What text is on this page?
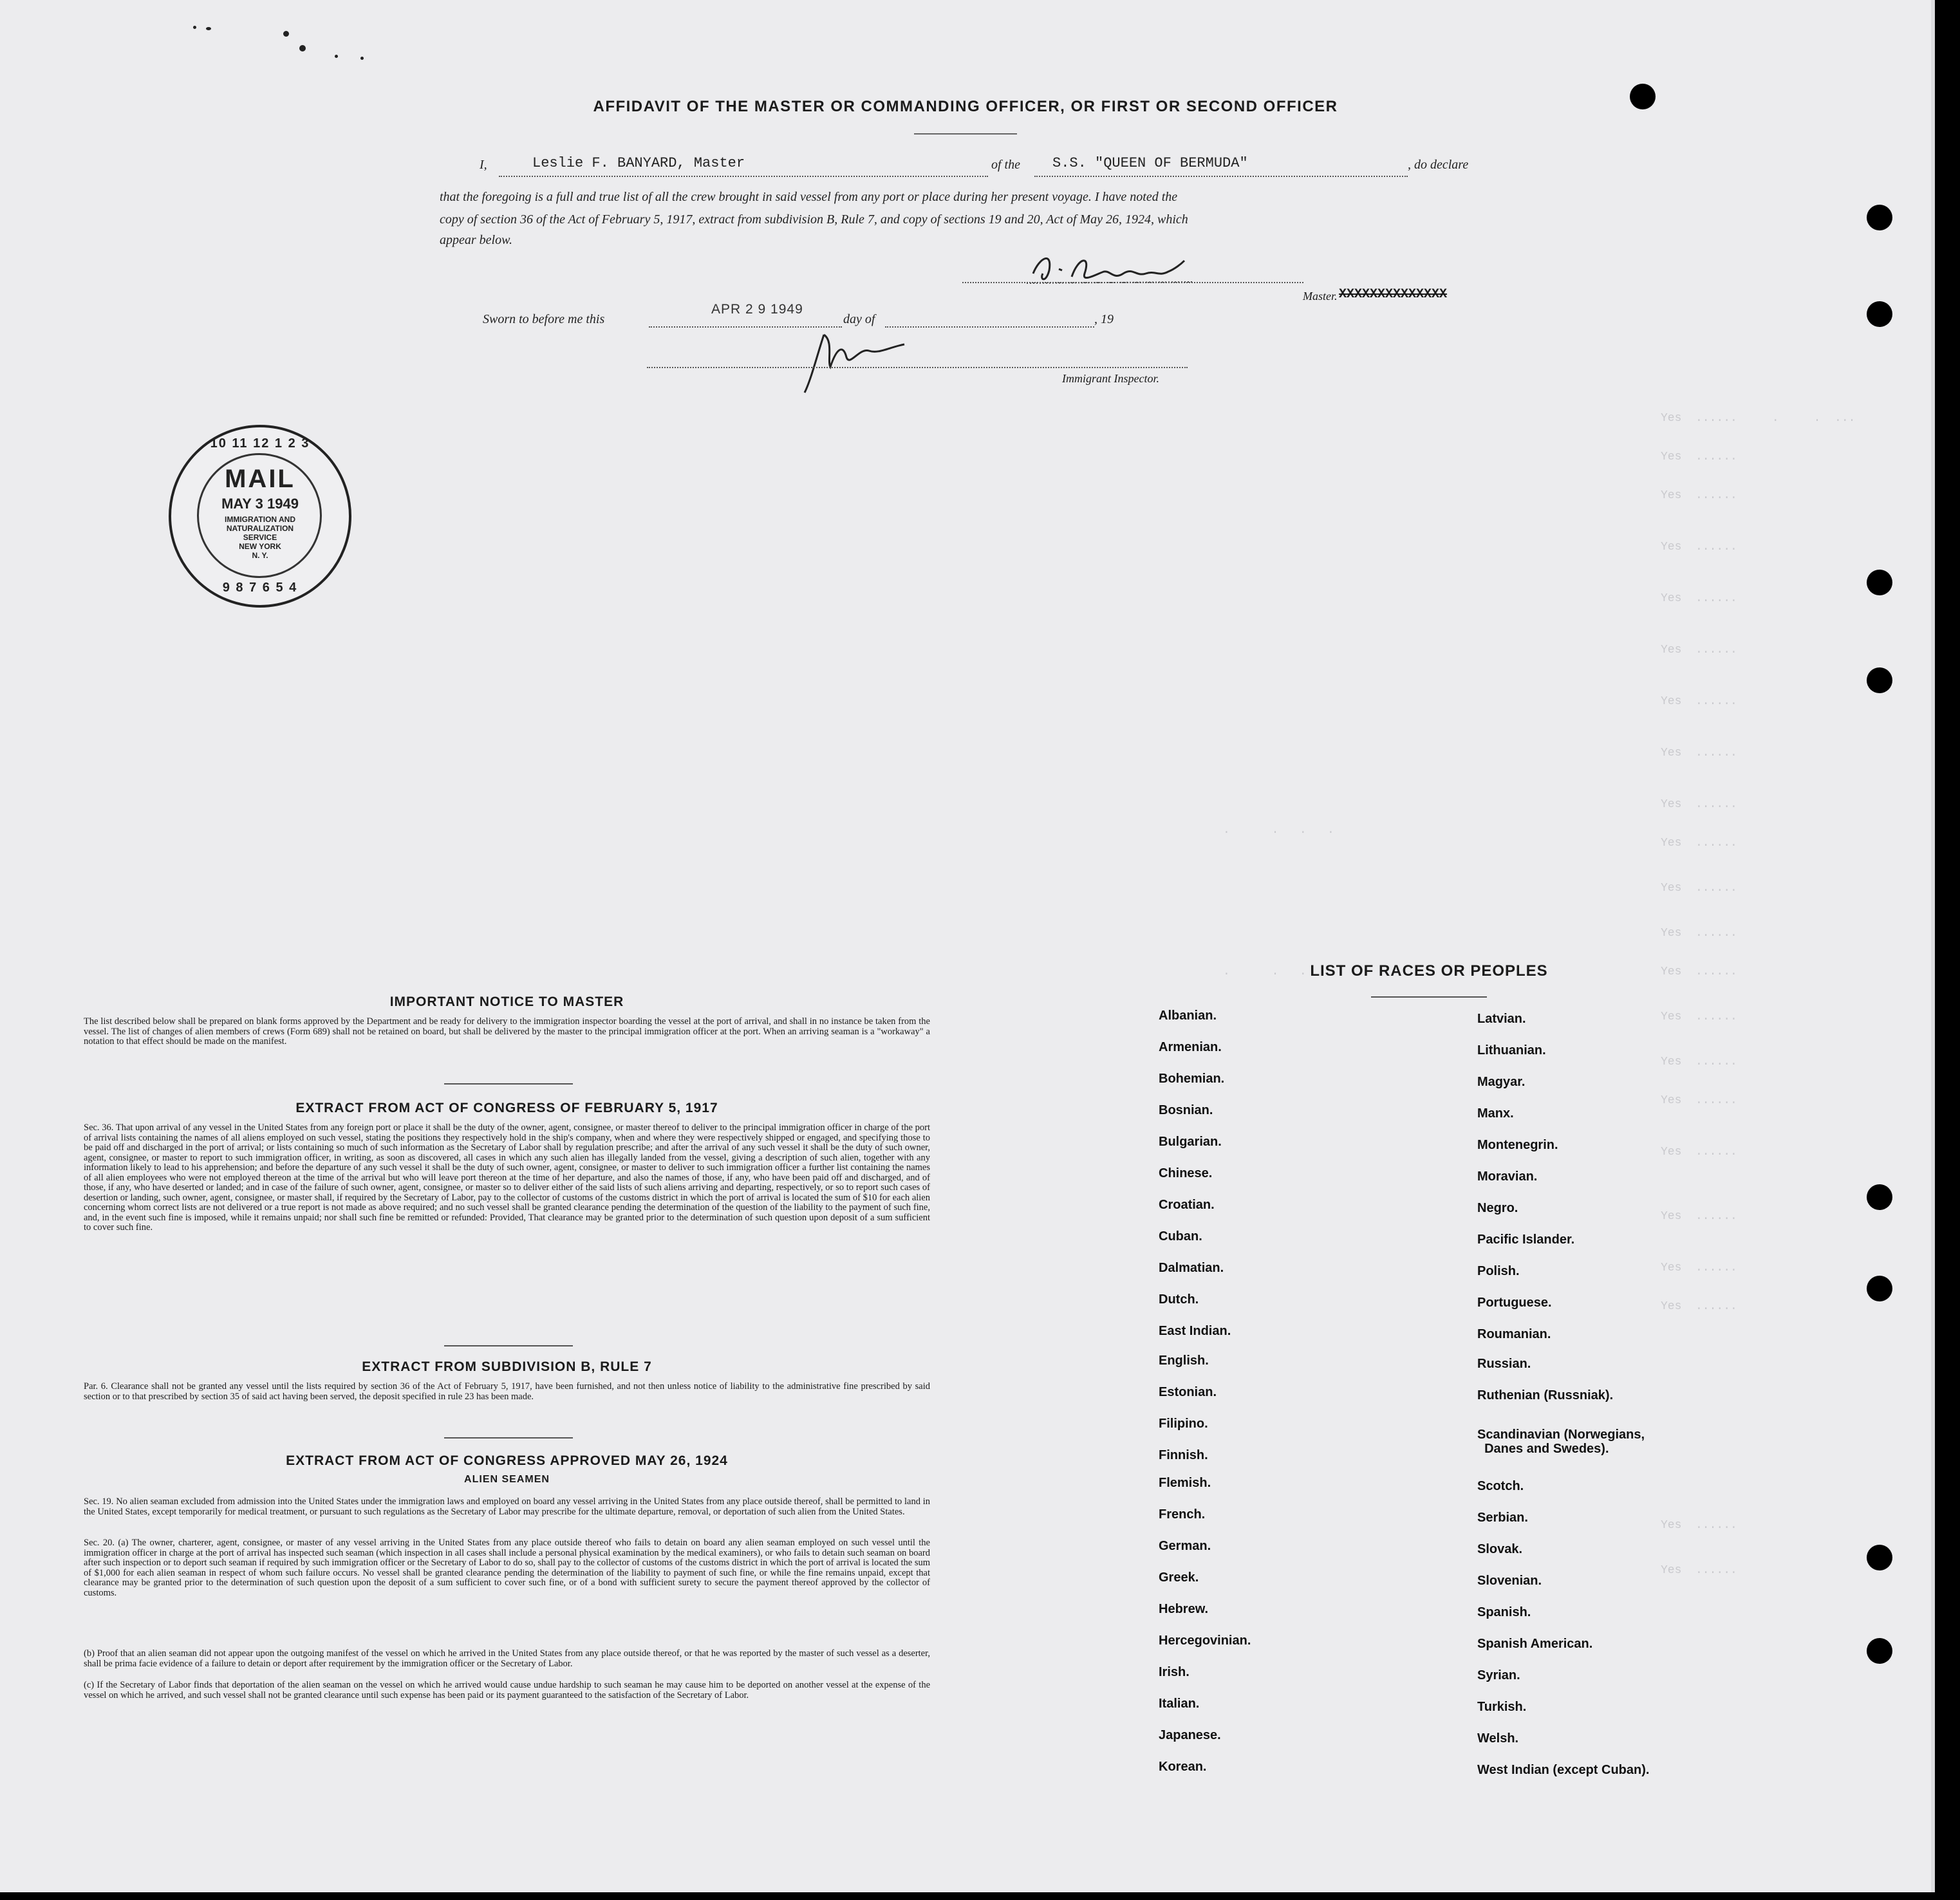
Yes  ......     .     .  ...
Yes  ......
Yes  ......
Yes  ......
Yes  ......
Yes  ......
Yes  ......
Yes  ......
Yes  ......
Yes  ......
Yes  ......
Yes  ......
Yes  ......
Yes  ......
Yes  ......
Yes  ......
Yes  ......
Yes  ......
Yes  ......
Yes  ......
Yes  ......
Yes  ......
.      .   .   .
.      .   .
AFFIDAVIT OF THE MASTER OR COMMANDING OFFICER, OR FIRST OR SECOND OFFICER
I,	Leslie F. BANYARD, Master	of the S.S. "QUEEN OF BERMUDA"	, do declare
that the foregoing is a full and true list of all the crew brought in said vessel from any port or place during her present voyage. I have noted the
copy of section 36 of the Act of February 5, 1917, extract from subdivision B, Rule 7, and copy of sections 19 and 20, Act of May 26, 1924, which
appear below.
Master. XXXXXXXXXXXXXX
Sworn to before me this
APR 2 9 1949
day of	, 19
Immigrant Inspector.
10 11 12 1 2 3
9 8 7 6 5 4
MAIL
MAY 3 1949
IMMIGRATION AND
NATURALIZATION
SERVICE
NEW YORK
N. Y.
IMPORTANT NOTICE TO MASTER
The list described below shall be prepared on blank forms approved by the Department and be ready for delivery to the immigration inspector boarding the vessel at the port of arrival, and shall in no instance be taken from the vessel. The list of changes of alien members of crews (Form 689) shall not be retained on board, but shall be delivered by the master to the principal immigration officer at the port. When an arriving seaman is a "workaway" a notation to that effect should be made on the manifest.
EXTRACT FROM ACT OF CONGRESS OF FEBRUARY 5, 1917
Sec. 36. That upon arrival of any vessel in the United States from any foreign port or place it shall be the duty of the owner, agent, consignee, or master thereof to deliver to the principal immigration officer in charge of the port of arrival lists containing the names of all aliens employed on such vessel, stating the positions they respectively hold in the ship's company, when and where they were respectively shipped or engaged, and specifying those to be paid off and discharged in the port of arrival; or lists containing so much of such information as the Secretary of Labor shall by regulation prescribe; and after the arrival of any such vessel it shall be the duty of such owner, agent, consignee, or master to report to such immigration officer, in writing, as soon as discovered, all cases in which any such alien has illegally landed from the vessel, giving a description of such alien, together with any information likely to lead to his apprehension; and before the departure of any such vessel it shall be the duty of such owner, agent, consignee, or master to deliver to such immigration officer a further list containing the names of all alien employees who were not employed thereon at the time of the arrival but who will leave port thereon at the time of her departure, and also the names of those, if any, who have been paid off and discharged, and of those, if any, who have deserted or landed; and in case of the failure of such owner, agent, consignee, or master so to deliver either of the said lists of such aliens arriving and departing, respectively, or so to report such cases of desertion or landing, such owner, agent, consignee, or master shall, if required by the Secretary of Labor, pay to the collector of customs of the customs district in which the port of arrival is located the sum of $10 for each alien concerning whom correct lists are not delivered or a true report is not made as above required; and no such vessel shall be granted clearance pending the determination of the question of the liability to the payment of such fine, and, in the event such fine is imposed, while it remains unpaid; nor shall such fine be remitted or refunded: Provided, That clearance may be granted prior to the determination of such question upon deposit of a sum sufficient to cover such fine.
EXTRACT FROM SUBDIVISION B, RULE 7
Par. 6. Clearance shall not be granted any vessel until the lists required by section 36 of the Act of February 5, 1917, have been furnished, and not then unless notice of liability to the administrative fine prescribed by said section or to that prescribed by section 35 of said act having been served, the deposit specified in rule 23 has been made.
EXTRACT FROM ACT OF CONGRESS APPROVED MAY 26, 1924
ALIEN SEAMEN
Sec. 19. No alien seaman excluded from admission into the United States under the immigration laws and employed on board any vessel arriving in the United States from any place outside thereof, shall be permitted to land in the United States, except temporarily for medical treatment, or pursuant to such regulations as the Secretary of Labor may prescribe for the ultimate departure, removal, or deportation of such alien from the United States.
Sec. 20. (a) The owner, charterer, agent, consignee, or master of any vessel arriving in the United States from any place outside thereof who fails to detain on board any alien seaman employed on such vessel until the immigration officer in charge at the port of arrival has inspected such seaman (which inspection in all cases shall include a personal physical examination by the medical examiners), or who fails to detain such seaman on board after such inspection or to deport such seaman if required by such immigration officer or the Secretary of Labor to do so, shall pay to the collector of customs of the customs district in which the port of arrival is located the sum of $1,000 for each alien seaman in respect of whom such failure occurs. No vessel shall be granted clearance pending the determination of the liability to payment of such fine, or while the fine remains unpaid, except that clearance may be granted prior to the determination of such question upon the deposit of a sum sufficient to cover such fine, or of a bond with sufficient surety to secure the payment thereof approved by the collector of customs.
(b) Proof that an alien seaman did not appear upon the outgoing manifest of the vessel on which he arrived in the United States from any place outside thereof, or that he was reported by the master of such vessel as a deserter, shall be prima facie evidence of a failure to detain or deport after requirement by the immigration officer or the Secretary of Labor.
(c) If the Secretary of Labor finds that deportation of the alien seaman on the vessel on which he arrived would cause undue hardship to such seaman he may cause him to be deported on another vessel at the expense of the vessel on which he arrived, and such vessel shall not be granted clearance until such expense has been paid or its payment guaranteed to the satisfaction of the Secretary of Labor.
LIST OF RACES OR PEOPLES
Albanian.
Armenian.
Bohemian.
Bosnian.
Bulgarian.
Chinese.
Croatian.
Cuban.
Dalmatian.
Dutch.
East Indian.
English.
Estonian.
Filipino.
Finnish.
Flemish.
French.
German.
Greek.
Hebrew.
Hercegovinian.
Irish.
Italian.
Japanese.
Korean.
Latvian.
Lithuanian.
Magyar.
Manx.
Montenegrin.
Moravian.
Negro.
Pacific Islander.
Polish.
Portuguese.
Roumanian.
Russian.
Ruthenian (Russniak).
Scandinavian (Norwegians,
Danes and Swedes).
Scotch.
Serbian.
Slovak.
Slovenian.
Spanish.
Spanish American.
Syrian.
Turkish.
Welsh.
West Indian (except Cuban).
